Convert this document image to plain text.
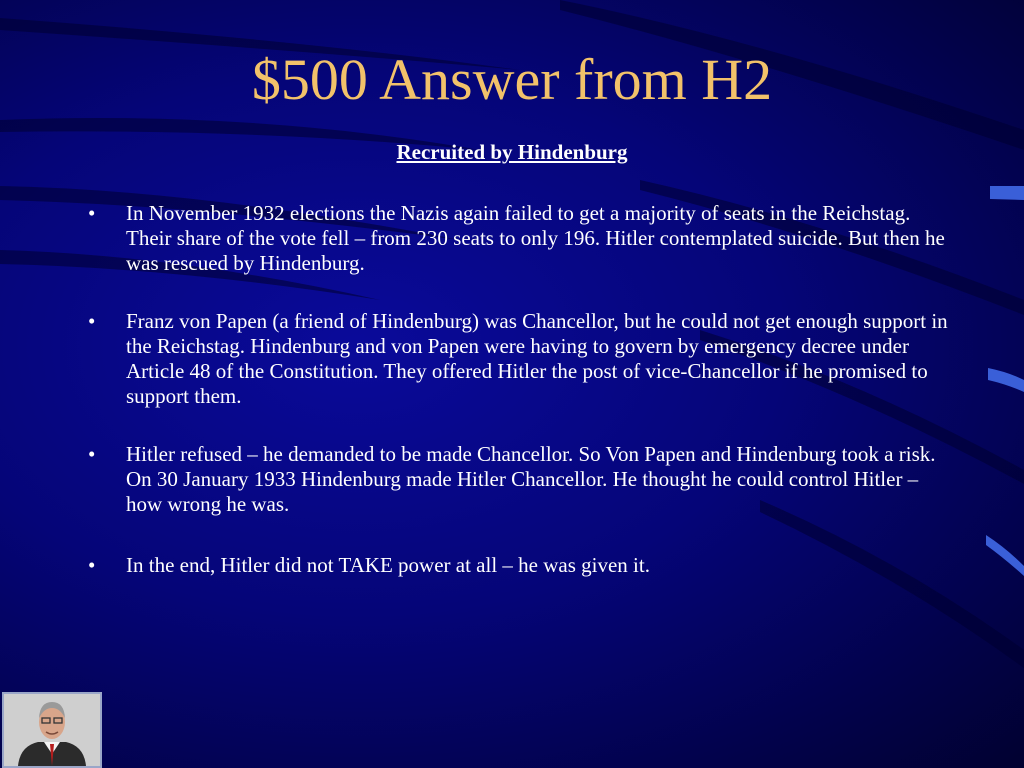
$500 Answer from H2
Recruited by Hindenburg
• In November 1932 elections the Nazis again failed to get a majority of seats in the Reichstag. Their share of the vote fell – from 230 seats to only 196. Hitler contemplated suicide. But then he was rescued by Hindenburg.
• Franz von Papen (a friend of Hindenburg) was Chancellor, but he could not get enough support in the Reichstag. Hindenburg and von Papen were having to govern by emergency decree under Article 48 of the Constitution. They offered Hitler the post of vice-Chancellor if he promised to support them.
• Hitler refused – he demanded to be made Chancellor. So Von Papen and Hindenburg took a risk. On 30 January 1933 Hindenburg made Hitler Chancellor. He thought he could control Hitler – how wrong he was.
• In the end, Hitler did not TAKE power at all – he was given it.
